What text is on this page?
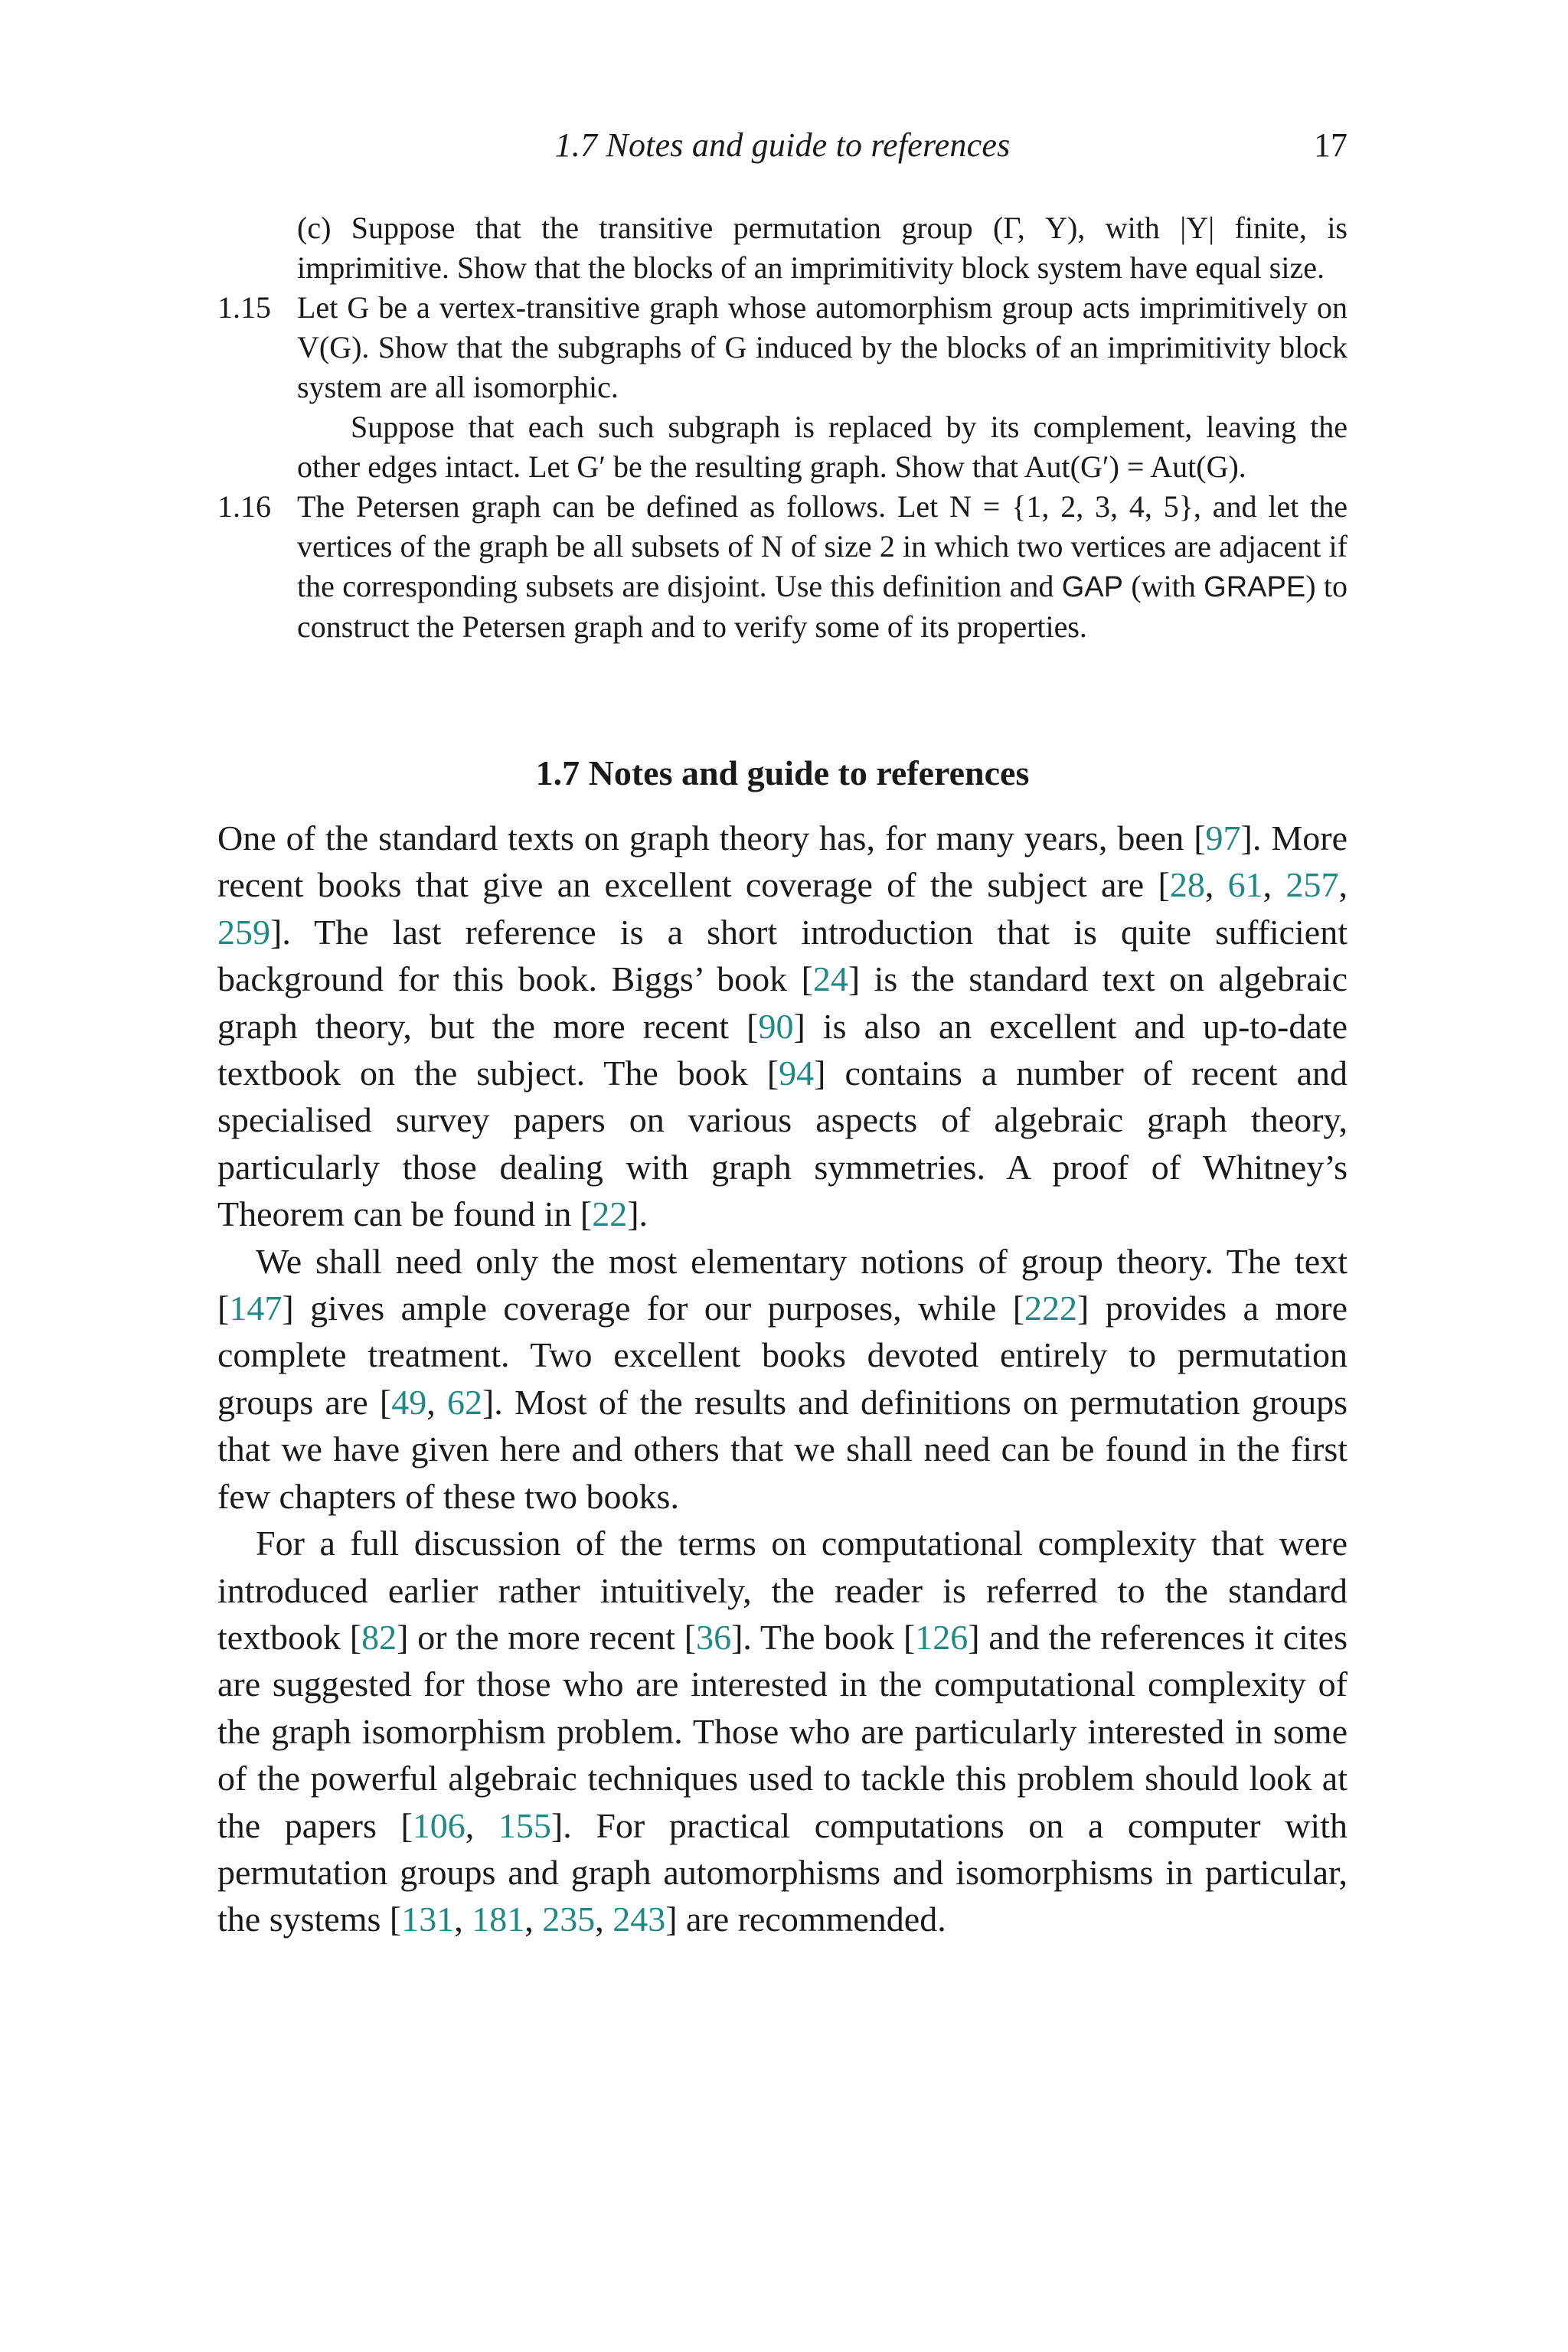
1.7 Notes and guide to references	17

(c) Suppose that the transitive permutation group (Γ, Y), with |Y| finite, is imprimitive. Show that the blocks of an imprimitivity block system have equal size.

1.15 Let G be a vertex-transitive graph whose automorphism group acts imprimitively on V(G). Show that the subgraphs of G induced by the blocks of an imprimitivity block system are all isomorphic.

Suppose that each such subgraph is replaced by its complement, leaving the other edges intact. Let G′ be the resulting graph. Show that Aut(G′) = Aut(G).

1.16 The Petersen graph can be defined as follows. Let N = {1, 2, 3, 4, 5}, and let the vertices of the graph be all subsets of N of size 2 in which two vertices are adjacent if the corresponding subsets are disjoint. Use this definition and GAP (with GRAPE) to construct the Petersen graph and to verify some of its properties.

1.7 Notes and guide to references

One of the standard texts on graph theory has, for many years, been [97]. More recent books that give an excellent coverage of the subject are [28, 61, 257, 259]. The last reference is a short introduction that is quite sufficient background for this book. Biggs’ book [24] is the standard text on algebraic graph theory, but the more recent [90] is also an excellent and up-to-date textbook on the subject. The book [94] contains a number of recent and specialised survey papers on various aspects of algebraic graph theory, particularly those dealing with graph symmetries. A proof of Whitney’s Theorem can be found in [22].

We shall need only the most elementary notions of group theory. The text [147] gives ample coverage for our purposes, while [222] provides a more complete treatment. Two excellent books devoted entirely to permutation groups are [49, 62]. Most of the results and definitions on permutation groups that we have given here and others that we shall need can be found in the first few chapters of these two books.

For a full discussion of the terms on computational complexity that were introduced earlier rather intuitively, the reader is referred to the standard textbook [82] or the more recent [36]. The book [126] and the references it cites are suggested for those who are interested in the computational complexity of the graph isomorphism problem. Those who are particularly interested in some of the powerful algebraic techniques used to tackle this problem should look at the papers [106, 155]. For practical computations on a computer with permutation groups and graph automorphisms and isomorphisms in particular, the systems [131, 181, 235, 243] are recommended.
